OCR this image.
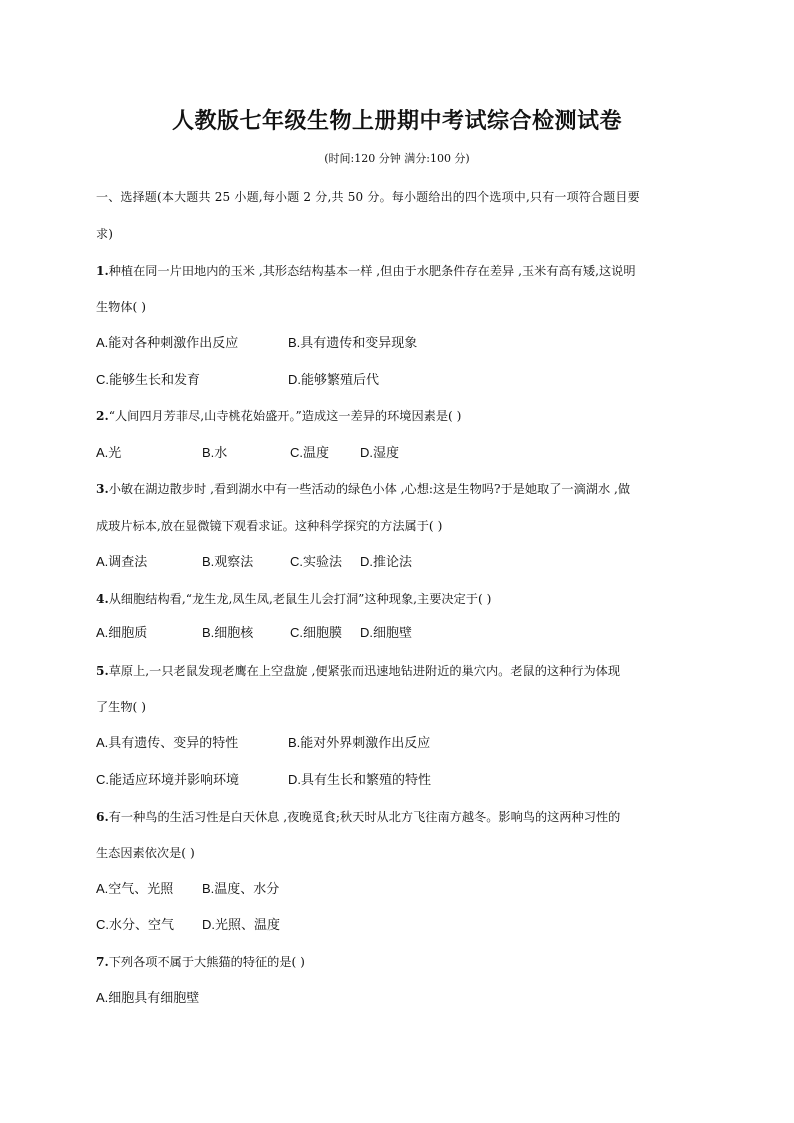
人教版七年级生物上册期中考试综合检测试卷
(时间:120 分钟 满分:100 分)
一、选择题(本大题共 25 小题,每小题 2 分,共 50 分。每小题给出的四个选项中,只有一项符合题目要
求)
1.种植在同一片田地内的玉米 ,其形态结构基本一样 ,但由于水肥条件存在差异 ,玉米有高有矮,这说明
生物体( )
A.能对各种刺激作出反应	B.具有遗传和变异现象
C.能够生长和发育	D.能够繁殖后代
2.“人间四月芳菲尽,山寺桃花始盛开。”造成这一差异的环境因素是( )
A.光	B.水	C.温度 D.湿度
3.小敏在湖边散步时 ,看到湖水中有一些活动的绿色小体 ,心想:这是生物吗?于是她取了一滴湖水 ,做
成玻片标本,放在显微镜下观看求证。这种科学探究的方法属于( )
A.调查法	B.观察法	C.实验法 D.推论法
4.从细胞结构看,“龙生龙,凤生凤,老鼠生儿会打洞”这种现象,主要决定于( )
A.细胞质	B.细胞核	C.细胞膜 D.细胞壁
5.草原上,一只老鼠发现老鹰在上空盘旋 ,便紧张而迅速地钻进附近的巢穴内。老鼠的这种行为体现
了生物( )
A.具有遗传、变异的特性	B.能对外界刺激作出反应
C.能适应环境并影响环境	D.具有生长和繁殖的特性
6.有一种鸟的生活习性是白天休息 ,夜晚觅食;秋天时从北方飞往南方越冬。影响鸟的这两种习性的
生态因素依次是( )
A.空气、光照 B.温度、水分
C.水分、空气 D.光照、温度
7.下列各项不属于大熊猫的特征的是( )
A.细胞具有细胞壁
